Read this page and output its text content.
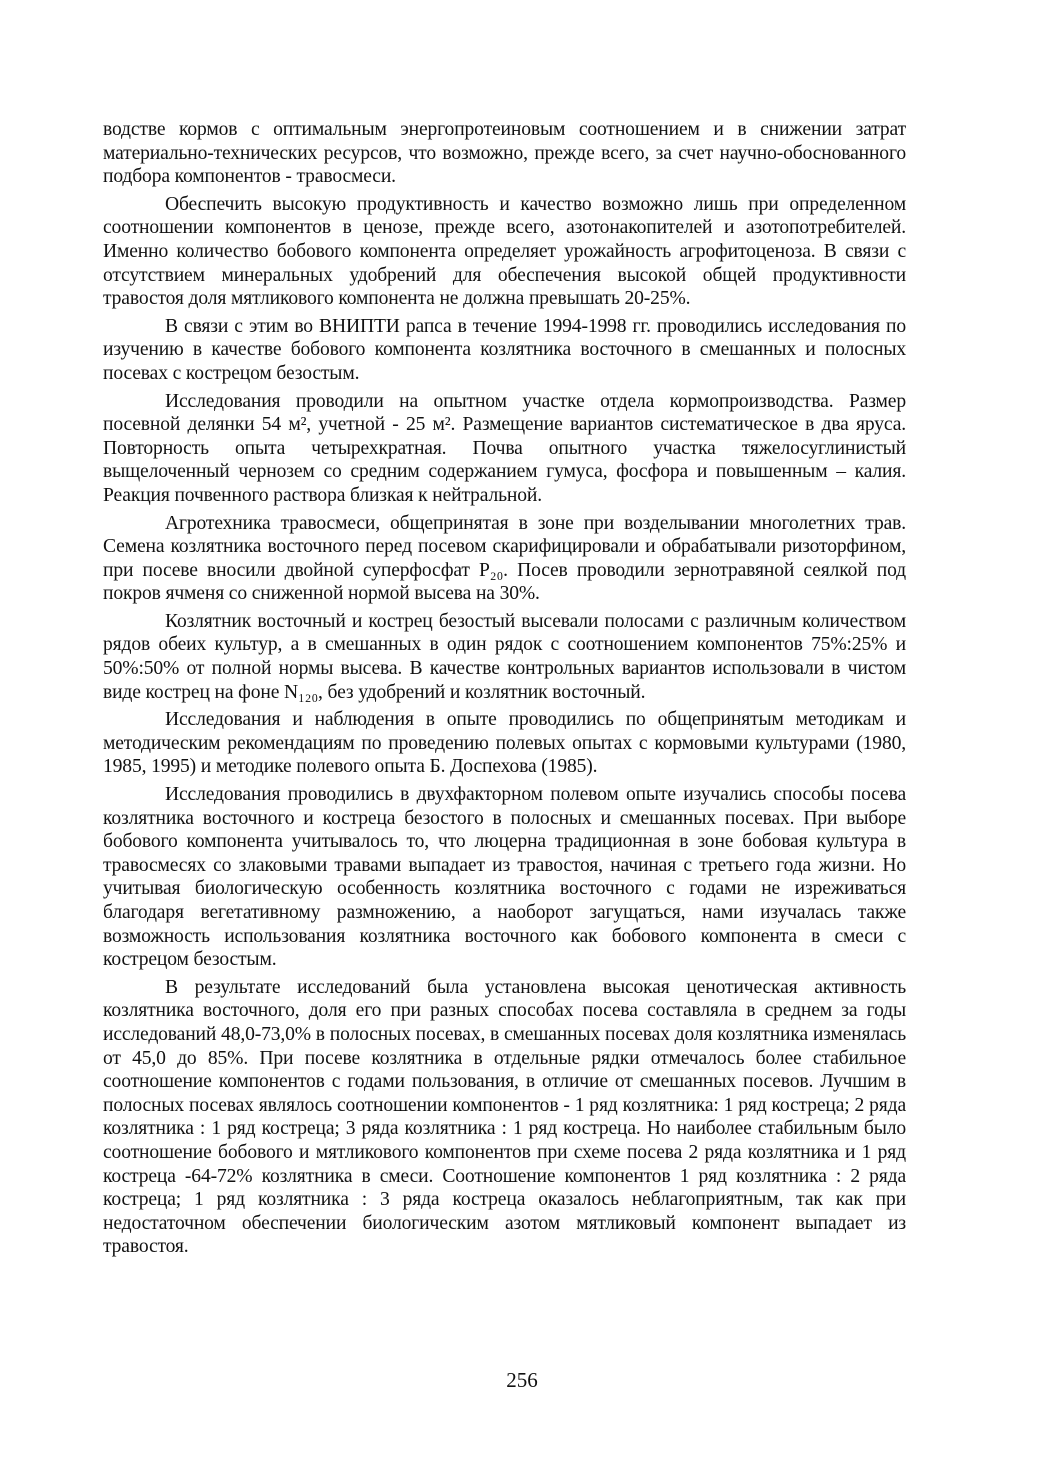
водстве кормов с оптимальным энергопротеиновым соотношением и в снижении затрат материально-технических ресурсов, что возможно, прежде всего, за счет научно-обоснованного подбора компонентов - травосмеси.

Обеспечить высокую продуктивность и качество возможно лишь при определенном соотношении компонентов в ценозе, прежде всего, азотонакопителей и азотопотребителей. Именно количество бобового компонента определяет урожайность агрофитоценоза. В связи с отсутствием минеральных удобрений для обеспечения высокой общей продуктивности травостоя доля мятликового компонента не должна превышать 20-25%.

В связи с этим во ВНИПТИ рапса в течение 1994-1998 гг. проводились исследования по изучению в качестве бобового компонента козлятника восточного в смешанных и полосных посевах с кострецом безостым.

Исследования проводили на опытном участке отдела кормопроизводства. Размер посевной делянки 54 м², учетной - 25 м². Размещение вариантов систематическое в два яруса. Повторность опыта четырехкратная. Почва опытного участка тяжелосуглинистый выщелоченный чернозем со средним содержанием гумуса, фосфора и повышенным – калия. Реакция почвенного раствора близкая к нейтральной.

Агротехника травосмеси, общепринятая в зоне при возделывании многолетних трав. Семена козлятника восточного перед посевом скарифицировали и обрабатывали ризоторфином, при посеве вносили двойной суперфосфат P₂₀. Посев проводили зернотравяной сеялкой под покров ячменя со сниженной нормой высева на 30%.

Козлятник восточный и кострец безостый высевали полосами с различным количеством рядов обеих культур, а в смешанных в один рядок с соотношением компонентов 75%:25% и 50%:50% от полной нормы высева. В качестве контрольных вариантов использовали в чистом виде кострец на фоне N₁₂₀, без удобрений и козлятник восточный.

Исследования и наблюдения в опыте проводились по общепринятым методикам и методическим рекомендациям по проведению полевых опытах с кормовыми культурами (1980, 1985, 1995) и методике полевого опыта Б. Доспехова (1985).

Исследования проводились в двухфакторном полевом опыте изучались способы посева козлятника восточного и костреца безостого в полосных и смешанных посевах. При выборе бобового компонента учитывалось то, что люцерна традиционная в зоне бобовая культура в травосмесях со злаковыми травами выпадает из травостоя, начиная с третьего года жизни. Но учитывая биологическую особенность козлятника восточного с годами не изреживаться благодаря вегетативному размножению, а наоборот загущаться, нами изучалась также возможность использования козлятника восточного как бобового компонента в смеси с кострецом безостым.

В результате исследований была установлена высокая ценотическая активность козлятника восточного, доля его при разных способах посева составляла в среднем за годы исследований 48,0-73,0% в полосных посевах, в смешанных посевах доля козлятника изменялась от 45,0 до 85%. При посеве козлятника в отдельные рядки отмечалось более стабильное соотношение компонентов с годами пользования, в отличие от смешанных посевов. Лучшим в полосных посевах являлось соотношении компонентов - 1 ряд козлятника: 1 ряд костреца; 2 ряда козлятника : 1 ряд костреца; 3 ряда козлятника : 1 ряд костреца. Но наиболее стабильным было соотношение бобового и мятликового компонентов при схеме посева 2 ряда козлятника и 1 ряд костреца -64-72% козлятника в смеси. Соотношение компонентов 1 ряд козлятника : 2 ряда костреца; 1 ряд козлятника : 3 ряда костреца оказалось неблагоприятным, так как при недостаточном обеспечении биологическим азотом мятликовый компонент выпадает из травостоя.

256
